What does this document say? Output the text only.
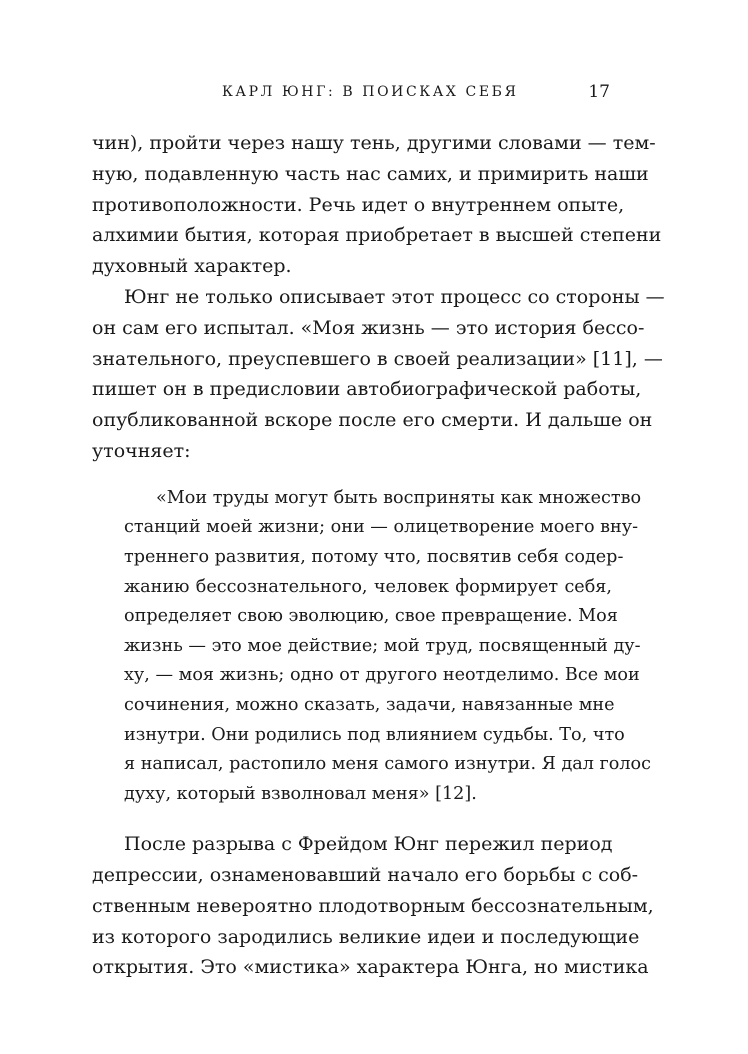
КАРЛ ЮНГ: В ПОИСКАХ СЕБЯ	17
чин), пройти через нашу тень, другими словами — тем-
ную, подавленную часть нас самих, и примирить наши
противоположности. Речь идет о внутреннем опыте,
алхимии бытия, которая приобретает в высшей степени
духовный характер.
Юнг не только описывает этот процесс со стороны —
он сам его испытал. «Моя жизнь — это история бессо-
знательного, преуспевшего в своей реализации» [11], —
пишет он в предисловии автобиографической работы,
опубликованной вскоре после его смерти. И дальше он
уточняет:
«Мои труды могут быть восприняты как множество
станций моей жизни; они — олицетворение моего вну-
треннего развития, потому что, посвятив себя содер-
жанию бессознательного, человек формирует себя,
определяет свою эволюцию, свое превращение. Моя
жизнь — это мое действие; мой труд, посвященный ду-
ху, — моя жизнь; одно от другого неотделимо. Все мои
сочинения, можно сказать, задачи, навязанные мне
изнутри. Они родились под влиянием судьбы. То, что
я написал, растопило меня самого изнутри. Я дал голос
духу, который взволновал меня» [12].
После разрыва с Фрейдом Юнг пережил период
депрессии, ознаменовавший начало его борьбы с соб-
ственным невероятно плодотворным бессознательным,
из которого зародились великие идеи и последующие
открытия. Это «мистика» характера Юнга, но мистика
